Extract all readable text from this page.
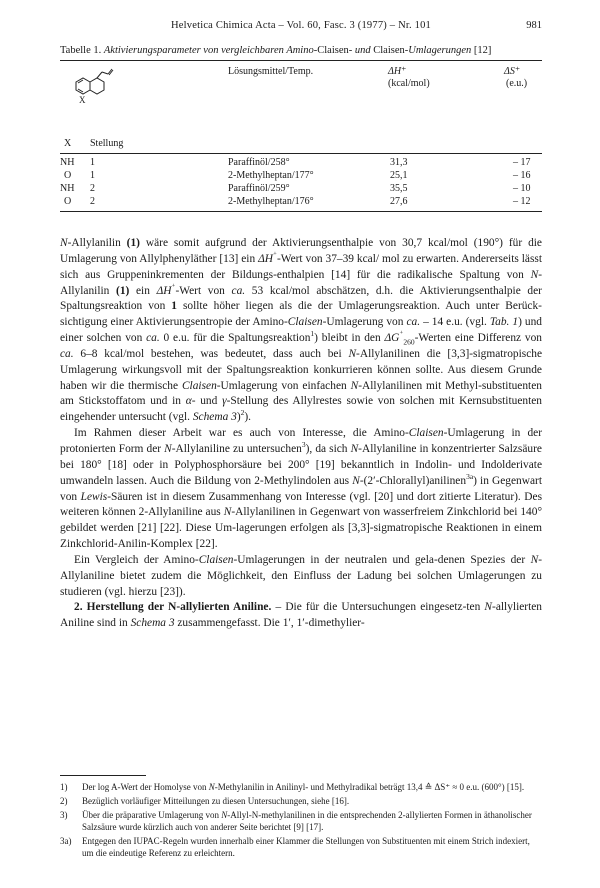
Helvetica Chimica Acta – Vol. 60, Fasc. 3 (1977) – Nr. 101	981
Tabelle 1. Aktivierungsparameter von vergleichbaren Amino-Claisen- und Claisen-Umlagerungen [12]
X
Lösungsmittel/Temp.	ΔH⁺
(kcal/mol)
ΔS⁺
(e.u.)
X Stellung
NH 1	Paraffinöl/258°	31,3	– 17
O 1	2-Methylheptan/177°	25,1	– 16
NH 2	Paraffinöl/259°	35,5	– 10
O 2	2-Methylheptan/176°	27,6	– 12

N-Allylanilin (1) wäre somit aufgrund der Aktivierungsenthalpie von 30,7 kcal/mol (190°) für die Umlagerung von Allylphenyläther [13] ein ΔH⁺-Wert von 37–39 kcal/ mol zu erwarten. Andererseits lässt sich aus Gruppeninkrementen der Bildungs-enthalpien [14] für die radikalische Spaltung von N-Allylanilin (1) ein ΔH⁺-Wert von ca. 53 kcal/mol abschätzen, d.h. die Aktivierungsenthalpie der Spaltungsreaktion von 1 sollte höher liegen als die der Umlagerungsreaktion. Auch unter Berück-sichtigung einer Aktivierungsentropie der Amino-Claisen-Umlagerung von ca. – 14 e.u. (vgl. Tab. 1) und einer solchen von ca. 0 e.u. für die Spaltungsreaktion$^1$) bleibt in den $\Delta G^{^+}_{260}$-Werten eine Differenz von ca. 6–8 kcal/mol bestehen, was bedeutet, dass auch bei N-Allylanilinen die [3,3]-sigmatropische Umlagerung wirkungsvoll mit der Spaltungsreaktion konkurrieren können sollte. Aus diesem Grunde haben wir die thermische Claisen-Umlagerung von einfachen N-Allylanilinen mit Methyl-substituenten am Stickstoffatom und in α- und γ-Stellung des Allylrestes sowie von solchen mit Kernsubstituenten eingehender untersucht (vgl. Schema 3)$^2$).

Im Rahmen dieser Arbeit war es auch von Interesse, die Amino-Claisen-Umlagerung in der protonierten Form der N-Allylaniline zu untersuchen$^3$), da sich N-Allylaniline in konzentrierter Salzsäure bei 180° [18] oder in Polyphosphorsäure bei 200° [19] bekanntlich in Indolin- und Indolderivate umwandeln lassen. Auch die Bildung von 2-Methylindolen aus N-(2′-Chlorallyl)anilinen$^{3a}$) in Gegenwart von Lewis-Säuren ist in diesem Zusammenhang von Interesse (vgl. [20] und dort zitierte Literatur). Des weiteren können 2-Allylaniline aus N-Allylanilinen in Gegenwart von wasserfreiem Zinkchlorid bei 140° gebildet werden [21] [22]. Diese Um-lagerungen erfolgen als [3,3]-sigmatropische Reaktionen in einem Zinkchlorid-Anilin-Komplex [22].

Ein Vergleich der Amino-Claisen-Umlagerungen in der neutralen und gela-denen Spezies der N-Allylaniline bietet zudem die Möglichkeit, den Einfluss der Ladung bei solchen Umlagerungen zu studieren (vgl. hierzu [23]).

2. Herstellung der N-allylierten Aniline. – Die für die Untersuchungen eingesetz-ten N-allylierten Aniline sind in Schema 3 zusammengefasst. Die 1′, 1′-dimethylier-

1) Der log A-Wert der Homolyse von N-Methylanilin in Anilinyl- und Methylradikal beträgt 13,4 ≙ ΔS⁺ ≈ 0 e.u. (600°) [15].
2) Bezüglich vorläufiger Mitteilungen zu diesen Untersuchungen, siehe [16].
3) Über die präparative Umlagerung von N-Allyl-N-methylanilinen in die entsprechenden 2-allylierten Formen in äthanolischer Salzsäure wurde kürzlich auch von anderer Seite berichtet [9] [17].
3a) Entgegen den IUPAC-Regeln wurden innerhalb einer Klammer die Stellungen von Substituenten mit einem Strich indexiert, um die eindeutige Referenz zu erleichtern.
